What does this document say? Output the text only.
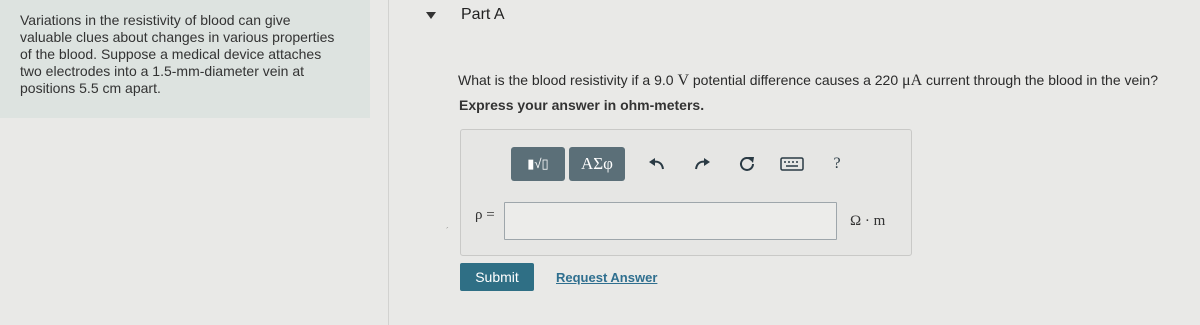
Variations in the resistivity of blood can give
valuable clues about changes in various properties
of the blood. Suppose a medical device attaches
two electrodes into a 1.5-mm-diameter vein at
positions 5.5 cm apart.

Part A
What is the blood resistivity if a 9.0 V potential difference causes a 220 μA current through the blood in the vein?
Express your answer in ohm-meters.
▮√▯	ΑΣφ	?
ρ =	Ω · m
´
Submit	Request Answer
